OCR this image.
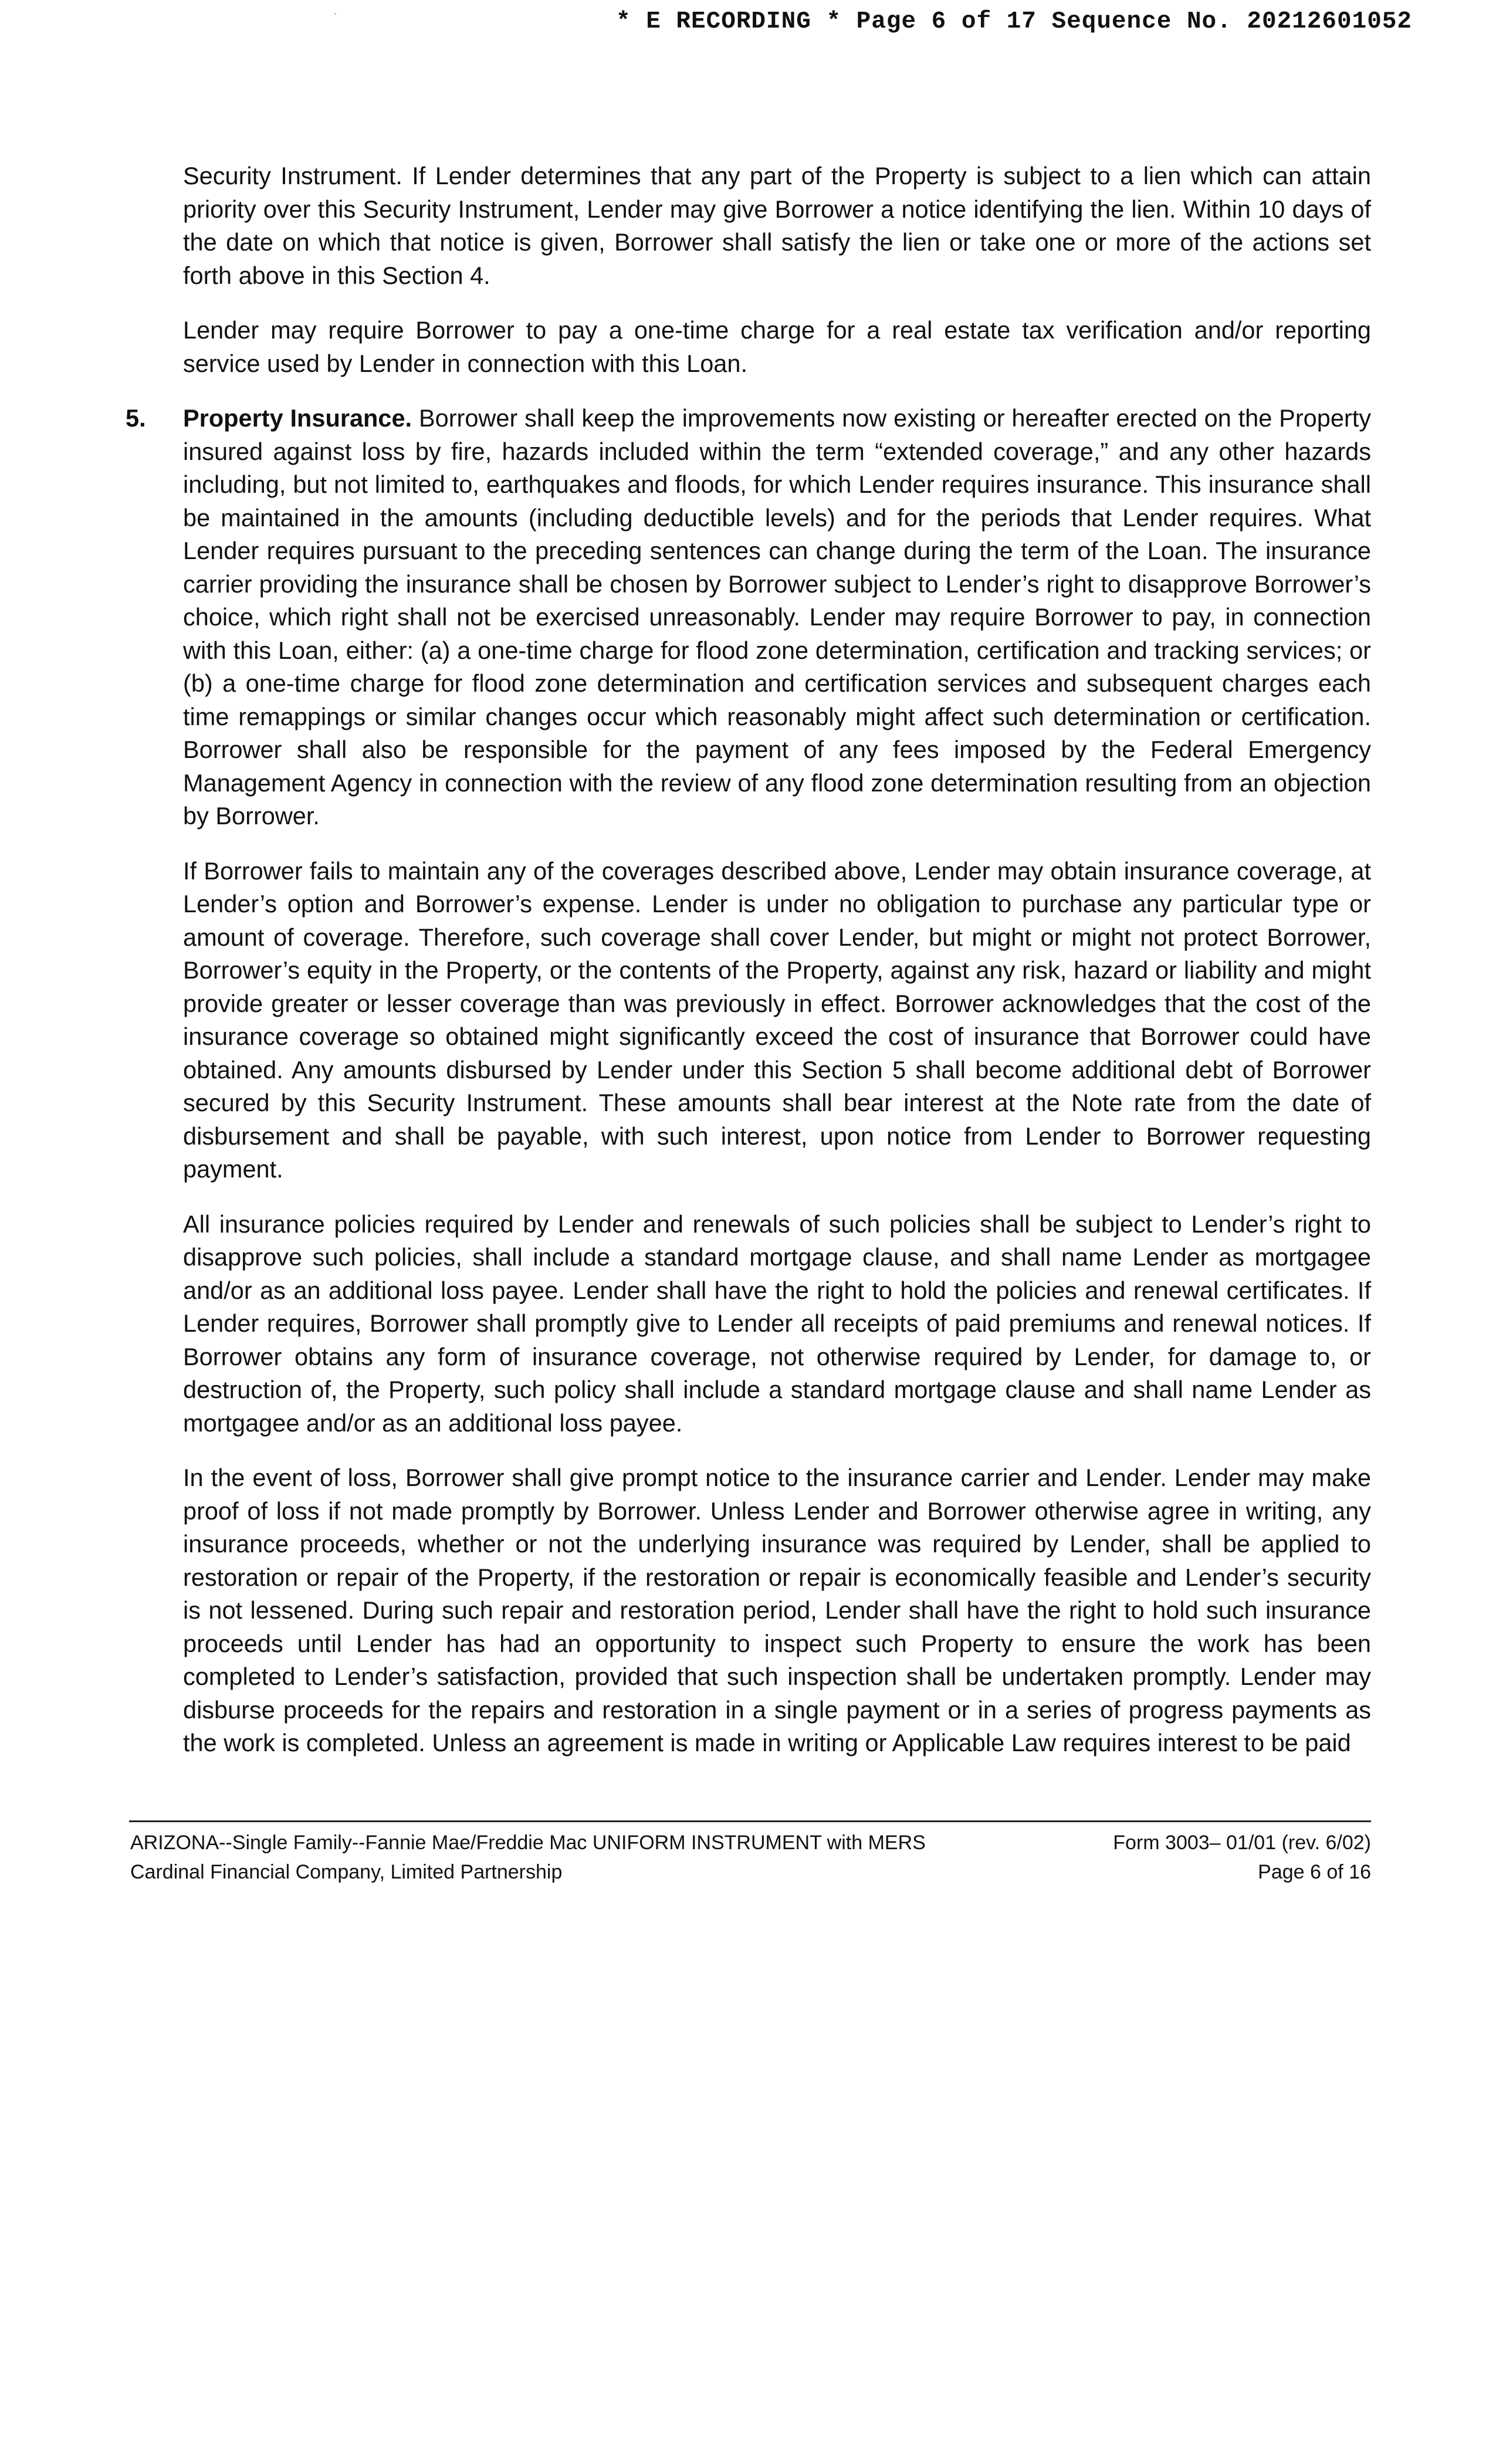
* E RECORDING * Page 6 of 17 Sequence No. 20212601052

Security Instrument. If Lender determines that any part of the Property is subject to a lien which can attain priority over this Security Instrument, Lender may give Borrower a notice identifying the lien. Within 10 days of the date on which that notice is given, Borrower shall satisfy the lien or take one or more of the actions set forth above in this Section 4.

Lender may require Borrower to pay a one-time charge for a real estate tax verification and/or reporting service used by Lender in connection with this Loan.

5. Property Insurance. Borrower shall keep the improvements now existing or hereafter erected on the Property insured against loss by fire, hazards included within the term “extended coverage,” and any other hazards including, but not limited to, earthquakes and floods, for which Lender requires insurance. This insurance shall be maintained in the amounts (including deductible levels) and for the periods that Lender requires. What Lender requires pursuant to the preceding sentences can change during the term of the Loan. The insurance carrier providing the insurance shall be chosen by Borrower subject to Lender’s right to disapprove Borrower’s choice, which right shall not be exercised unreasonably. Lender may require Borrower to pay, in connection with this Loan, either: (a) a one-time charge for flood zone determination, certification and tracking services; or (b) a one-time charge for flood zone determination and certification services and subsequent charges each time remappings or similar changes occur which reasonably might affect such determination or certification. Borrower shall also be responsible for the payment of any fees imposed by the Federal Emergency Management Agency in connection with the review of any flood zone determination resulting from an objection by Borrower.

If Borrower fails to maintain any of the coverages described above, Lender may obtain insurance coverage, at Lender’s option and Borrower’s expense. Lender is under no obligation to purchase any particular type or amount of coverage. Therefore, such coverage shall cover Lender, but might or might not protect Borrower, Borrower’s equity in the Property, or the contents of the Property, against any risk, hazard or liability and might provide greater or lesser coverage than was previously in effect. Borrower acknowledges that the cost of the insurance coverage so obtained might significantly exceed the cost of insurance that Borrower could have obtained. Any amounts disbursed by Lender under this Section 5 shall become additional debt of Borrower secured by this Security Instrument. These amounts shall bear interest at the Note rate from the date of disbursement and shall be payable, with such interest, upon notice from Lender to Borrower requesting payment.

All insurance policies required by Lender and renewals of such policies shall be subject to Lender’s right to disapprove such policies, shall include a standard mortgage clause, and shall name Lender as mortgagee and/or as an additional loss payee. Lender shall have the right to hold the policies and renewal certificates. If Lender requires, Borrower shall promptly give to Lender all receipts of paid premiums and renewal notices. If Borrower obtains any form of insurance coverage, not otherwise required by Lender, for damage to, or destruction of, the Property, such policy shall include a standard mortgage clause and shall name Lender as mortgagee and/or as an additional loss payee.

In the event of loss, Borrower shall give prompt notice to the insurance carrier and Lender. Lender may make proof of loss if not made promptly by Borrower. Unless Lender and Borrower otherwise agree in writing, any insurance proceeds, whether or not the underlying insurance was required by Lender, shall be applied to restoration or repair of the Property, if the restoration or repair is economically feasible and Lender’s security is not lessened. During such repair and restoration period, Lender shall have the right to hold such insurance proceeds until Lender has had an opportunity to inspect such Property to ensure the work has been completed to Lender’s satisfaction, provided that such inspection shall be undertaken promptly. Lender may disburse proceeds for the repairs and restoration in a single payment or in a series of progress payments as the work is completed. Unless an agreement is made in writing or Applicable Law requires interest to be paid

ARIZONA--Single Family--Fannie Mae/Freddie Mac UNIFORM INSTRUMENT with MERS
Cardinal Financial Company, Limited Partnership
Form 3003– 01/01 (rev. 6/02)
Page 6 of 16
